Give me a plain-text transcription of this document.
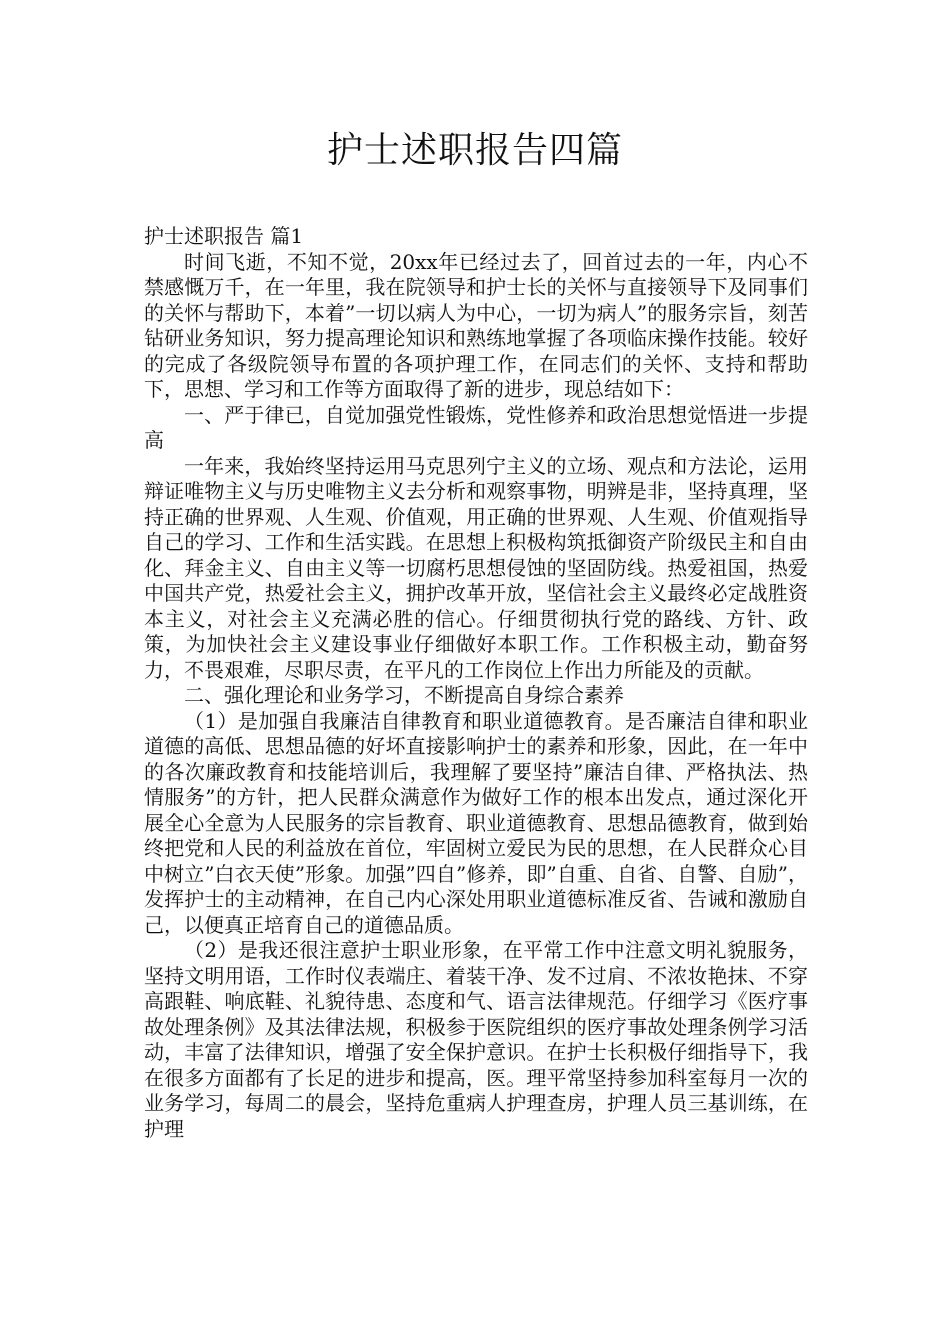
护士述职报告四篇

护士述职报告 篇1

时间飞逝，不知不觉，20xx年已经过去了，回首过去的一年，内心不禁感慨万千，在一年里，我在院领导和护士长的关怀与直接领导下及同事们的关怀与帮助下，本着”一切以病人为中心，一切为病人”的服务宗旨，刻苦钻研业务知识，努力提高理论知识和熟练地掌握了各项临床操作技能。较好的完成了各级院领导布置的各项护理工作，在同志们的关怀、支持和帮助下，思想、学习和工作等方面取得了新的进步，现总结如下：

一、严于律已，自觉加强党性锻炼，党性修养和政治思想觉悟进一步提高

一年来，我始终坚持运用马克思列宁主义的立场、观点和方法论，运用辩证唯物主义与历史唯物主义去分析和观察事物，明辨是非，坚持真理，坚持正确的世界观、人生观、价值观，用正确的世界观、人生观、价值观指导自己的学习、工作和生活实践。在思想上积极构筑抵御资产阶级民主和自由化、拜金主义、自由主义等一切腐朽思想侵蚀的坚固防线。热爱祖国，热爱中国共产党，热爱社会主义，拥护改革开放，坚信社会主义最终必定战胜资本主义，对社会主义充满必胜的信心。仔细贯彻执行党的路线、方针、政策，为加快社会主义建设事业仔细做好本职工作。工作积极主动，勤奋努力，不畏艰难，尽职尽责，在平凡的工作岗位上作出力所能及的贡献。

二、强化理论和业务学习，不断提高自身综合素养

（1）是加强自我廉洁自律教育和职业道德教育。是否廉洁自律和职业道德的高低、思想品德的好坏直接影响护士的素养和形象，因此，在一年中的各次廉政教育和技能培训后，我理解了要坚持”廉洁自律、严格执法、热情服务”的方针，把人民群众满意作为做好工作的根本出发点，通过深化开展全心全意为人民服务的宗旨教育、职业道德教育、思想品德教育，做到始终把党和人民的利益放在首位，牢固树立爱民为民的思想，在人民群众心目中树立”白衣天使”形象。加强”四自”修养，即”自重、自省、自警、自励”，发挥护士的主动精神，在自己内心深处用职业道德标准反省、告诫和激励自己，以便真正培育自己的道德品质。

（2）是我还很注意护士职业形象，在平常工作中注意文明礼貌服务，坚持文明用语，工作时仪表端庄、着装干净、发不过肩、不浓妆艳抹、不穿高跟鞋、响底鞋、礼貌待患、态度和气、语言法律规范。仔细学习《医疗事故处理条例》及其法律法规，积极参于医院组织的医疗事故处理条例学习活动，丰富了法律知识，增强了安全保护意识。在护士长积极仔细指导下，我在很多方面都有了长足的进步和提高，医。理平常坚持参加科室每月一次的业务学习，每周二的晨会，坚持危重病人护理查房，护理人员三基训练，在护理
